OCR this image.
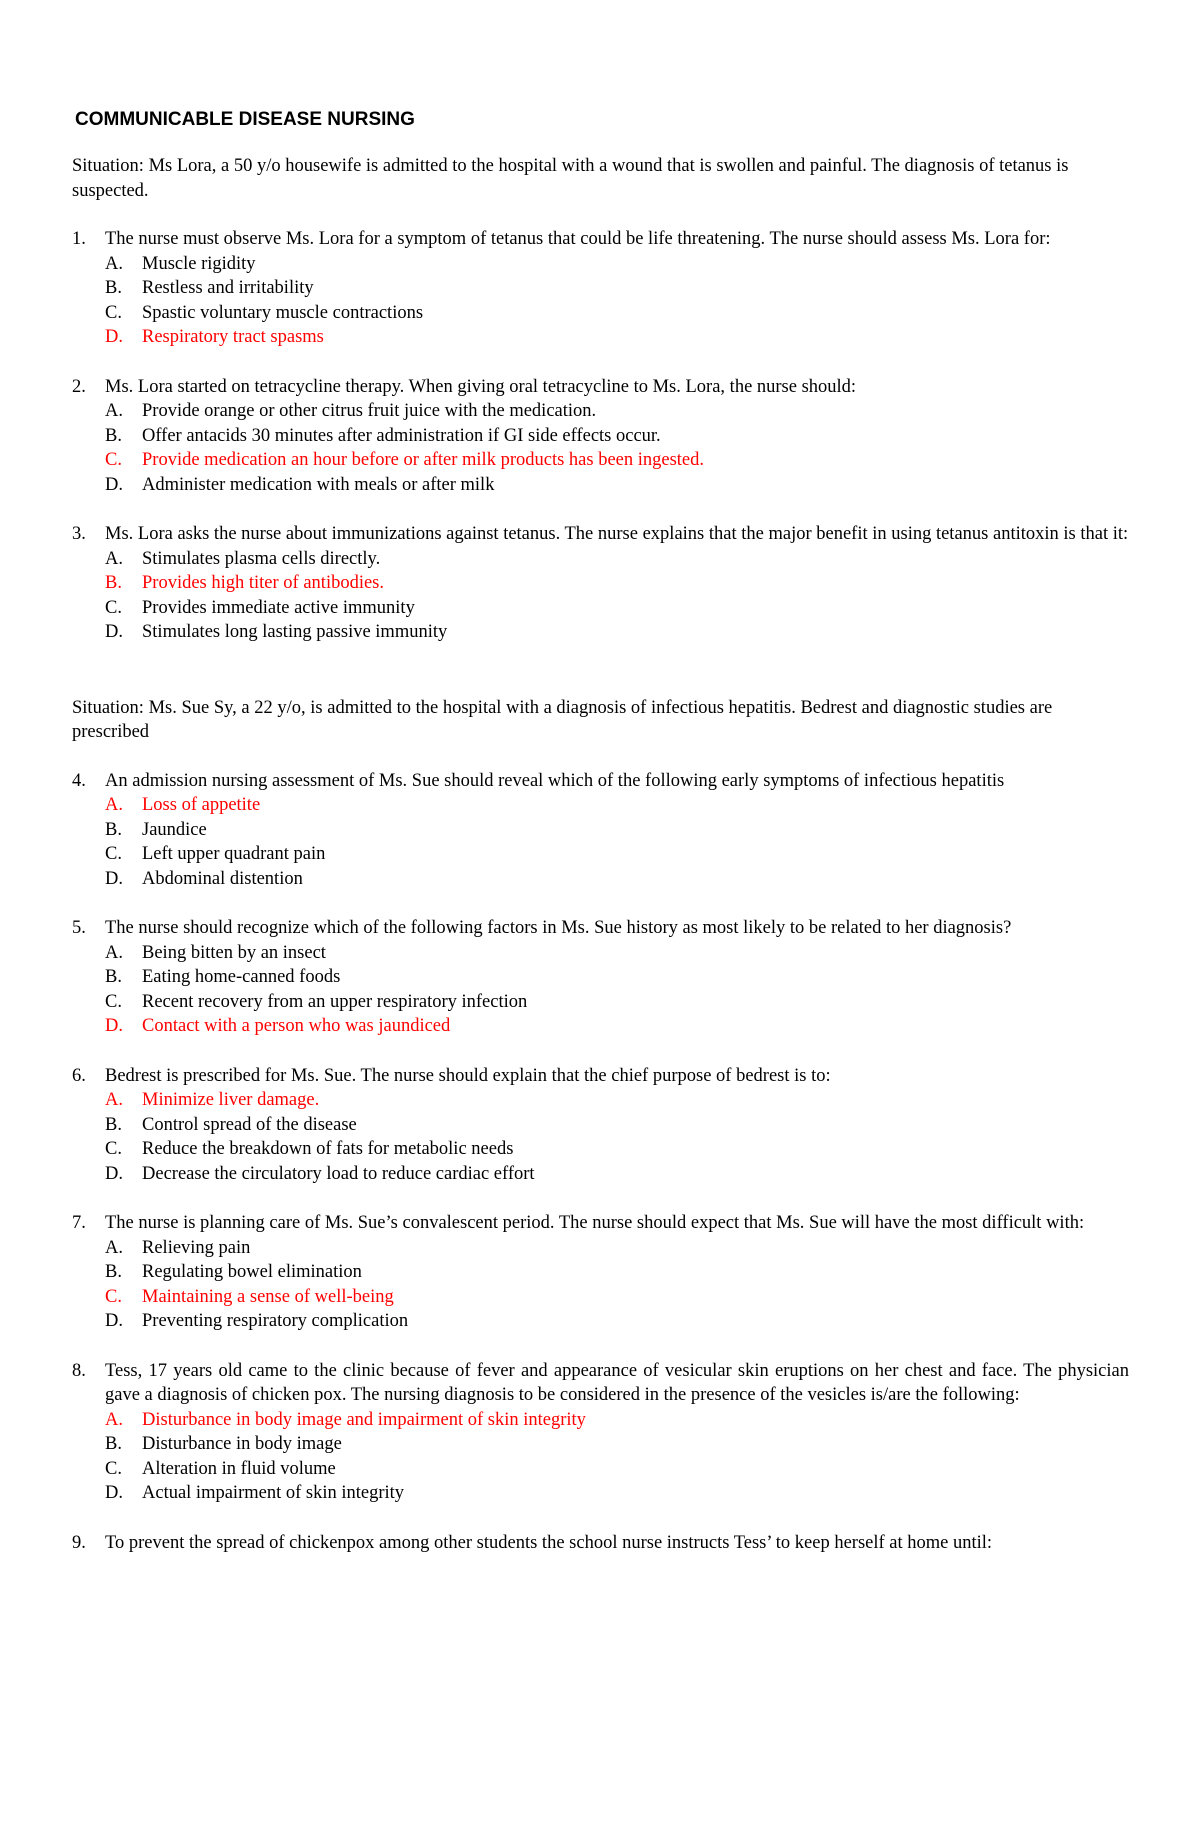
COMMUNICABLE DISEASE NURSING

Situation: Ms Lora, a 50 y/o housewife is admitted to the hospital with a wound that is swollen and painful. The diagnosis of tetanus is suspected.

1. The nurse must observe Ms. Lora for a symptom of tetanus that could be life threatening. The nurse should assess Ms. Lora for:
A. Muscle rigidity
B. Restless and irritability
C. Spastic voluntary muscle contractions
D. Respiratory tract spasms
2. Ms. Lora started on tetracycline therapy. When giving oral tetracycline to Ms. Lora, the nurse should:
A. Provide orange or other citrus fruit juice with the medication.
B. Offer antacids 30 minutes after administration if GI side effects occur.
C. Provide medication an hour before or after milk products has been ingested.
D. Administer medication with meals or after milk
3. Ms. Lora asks the nurse about immunizations against tetanus. The nurse explains that the major benefit in using tetanus antitoxin is that it:
A. Stimulates plasma cells directly.
B. Provides high titer of antibodies.
C. Provides immediate active immunity
D. Stimulates long lasting passive immunity

Situation: Ms. Sue Sy, a 22 y/o, is admitted to the hospital with a diagnosis of infectious hepatitis. Bedrest and diagnostic studies are prescribed

4. An admission nursing assessment of Ms. Sue should reveal which of the following early symptoms of infectious hepatitis
A. Loss of appetite
B. Jaundice
C. Left upper quadrant pain
D. Abdominal distention
5. The nurse should recognize which of the following factors in Ms. Sue history as most likely to be related to her diagnosis?
A. Being bitten by an insect
B. Eating home-canned foods
C. Recent recovery from an upper respiratory infection
D. Contact with a person who was jaundiced
6. Bedrest is prescribed for Ms. Sue. The nurse should explain that the chief purpose of bedrest is to:
A. Minimize liver damage.
B. Control spread of the disease
C. Reduce the breakdown of fats for metabolic needs
D. Decrease the circulatory load to reduce cardiac effort
7. The nurse is planning care of Ms. Sue’s convalescent period. The nurse should expect that Ms. Sue will have the most difficult with:
A. Relieving pain
B. Regulating bowel elimination
C. Maintaining a sense of well-being
D. Preventing respiratory complication
8. Tess, 17 years old came to the clinic because of fever and appearance of vesicular skin eruptions on her chest and face. The physician gave a diagnosis of chicken pox. The nursing diagnosis to be considered in the presence of the vesicles is/are the following:
A. Disturbance in body image and impairment of skin integrity
B. Disturbance in body image
C. Alteration in fluid volume
D. Actual impairment of skin integrity
9. To prevent the spread of chickenpox among other students the school nurse instructs Tess’ to keep herself at home until:
